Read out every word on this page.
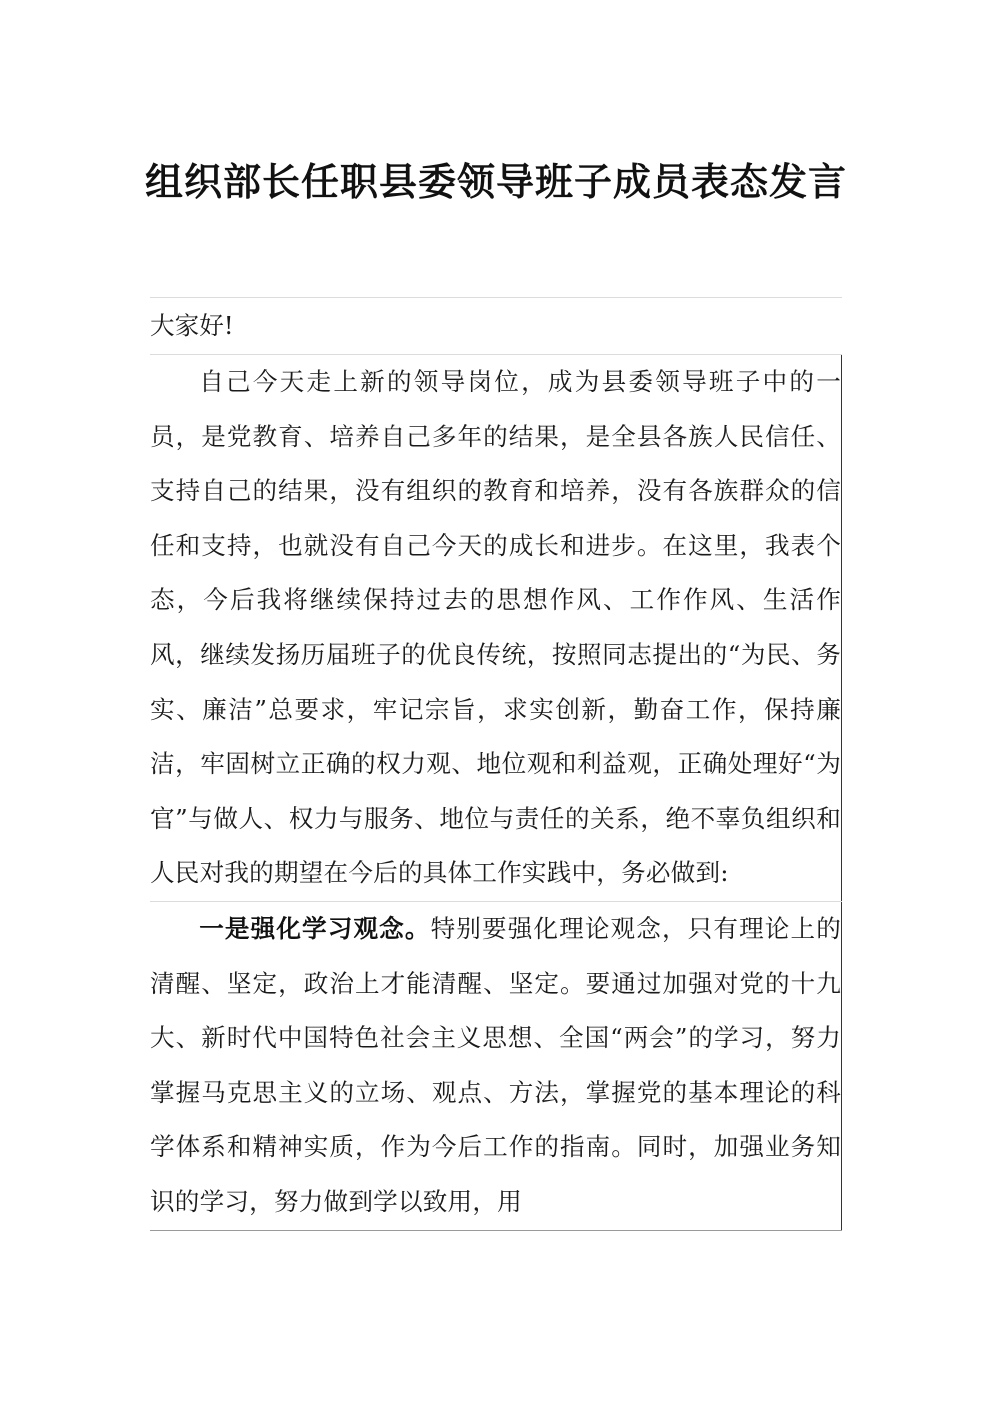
组织部长任职县委领导班子成员表态发言

大家好!

自己今天走上新的领导岗位，成为县委领导班子中的一员，是党教育、培养自己多年的结果，是全县各族人民信任、支持自己的结果，没有组织的教育和培养，没有各族群众的信任和支持，也就没有自己今天的成长和进步。在这里，我表个态，今后我将继续保持过去的思想作风、工作作风、生活作风，继续发扬历届班子的优良传统，按照同志提出的“为民、务实、廉洁”总要求，牢记宗旨，求实创新，勤奋工作，保持廉洁，牢固树立正确的权力观、地位观和利益观，正确处理好“为官”与做人、权力与服务、地位与责任的关系，绝不辜负组织和人民对我的期望在今后的具体工作实践中，务必做到:

一是强化学习观念。特别要强化理论观念，只有理论上的清醒、坚定，政治上才能清醒、坚定。要通过加强对党的十九大、新时代中国特色社会主义思想、全国“两会”的学习，努力掌握马克思主义的立场、观点、方法，掌握党的基本理论的科学体系和精神实质，作为今后工作的指南。同时，加强业务知识的学习，努力做到学以致用，用
